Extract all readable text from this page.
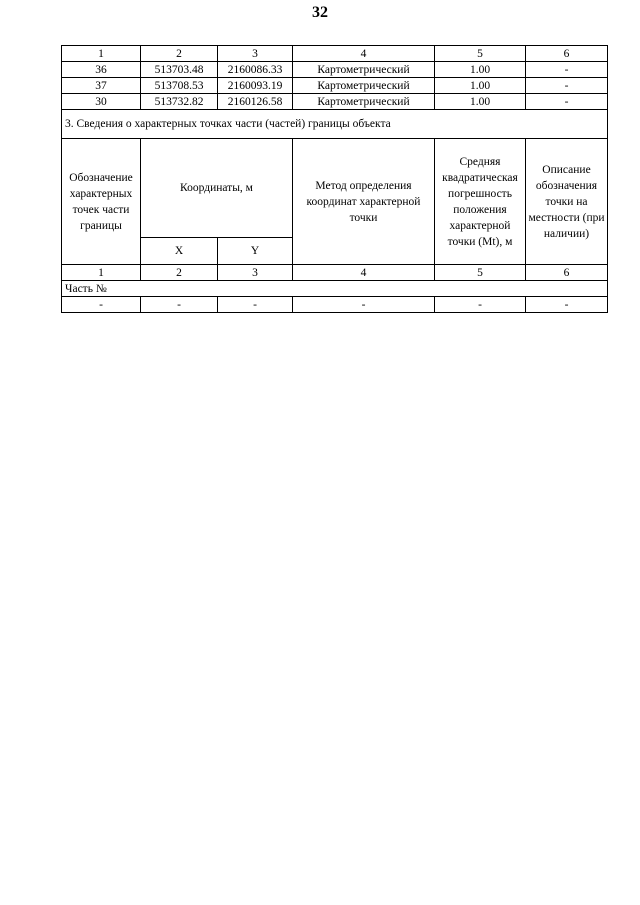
32
1	2	3	4	5	6
36	513703.48	2160086.33	Картометрический	1.00	-
37	513708.53	2160093.19	Картометрический	1.00	-
30	513732.82	2160126.58	Картометрический	1.00	-
3. Сведения о характерных точках части (частей) границы объекта					
Обозначение характерных точек части границы	Координаты, м		Метод определения координат характерной точки	Средняя квадратическая погрешность положения характерной точки (Mt), м	Описание обозначения точки на местности (при наличии)
	X	Y			
1	2	3	4	5	6
Часть №					
-	-	-	-	-	-
